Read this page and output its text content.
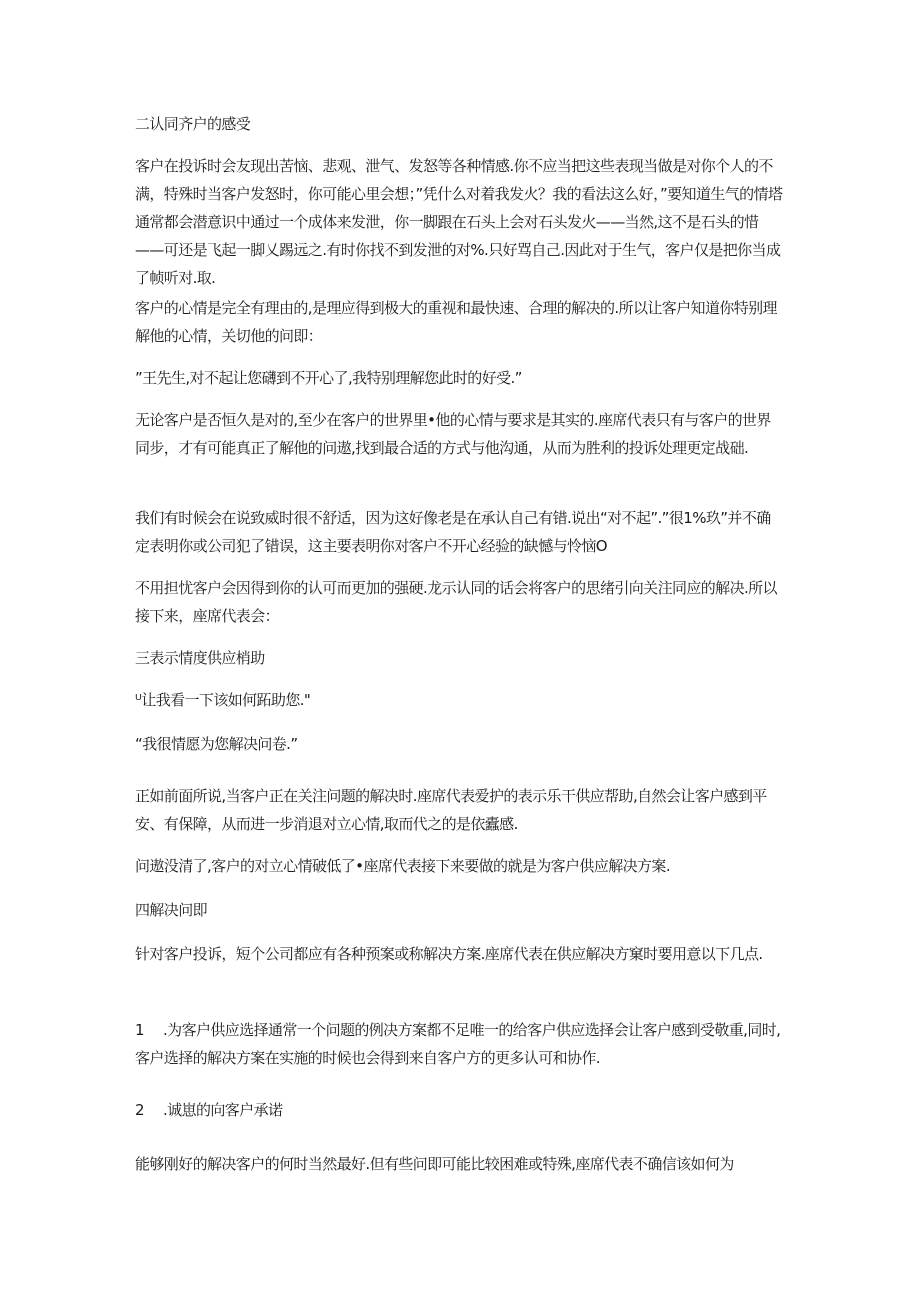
二认同齐户的感受

客户在投诉时会友现出苦恼、悲观、泄气、发怒等各种情感.你不应当把这些表现当做是对你个人的不满，特殊时当客户发怒时，你可能心里会想；”凭什么对着我发火？我的看法这么好，”要知道生气的情塔通常都会潜意识中通过一个成体来发泄，你一脚跟在石头上会对石头发火——当然,这不是石头的惜——可还是飞起一脚乂踢远之.有时你找不到发泄的对%.只好骂自己.因此对于生气，客户仅是把你当成了帧听对.取.

客户的心情是完全有理由的,是理应得到极大的重视和最快速、合理的解决的.所以让客户知道你特别理解他的心情，关切他的问即：

”王先生,对不起让您礴到不开心了,我特别理解您此时的好受.”

无论客户是否恒久是对的,至少在客户的世界里•他的心情与要求是其实的.座席代表只有与客户的世界同步，才有可能真正了解他的问遨,找到最合适的方式与他沟通，从而为胜利的投诉处理更定战础.

我们有时候会在说致威时很不舒适，因为这好像老是在承认自己有错.说出“对不起”.”很1%玖”并不确定表明你或公司犯了错误，这主要表明你对客户不开心经验的缺憾与怜恼O

不用担忧客户会因得到你的认可而更加的强硬.龙示认同的话会将客户的思绪引向关注同应的解决.所以接下来，座席代表会：

三表示情度供应梢助

ᵁ让我看一下该如何跖助您."

“我很情愿为您解决问卷.”

正如前面所说,当客户正在关注问题的解决时.座席代表爱护的表示乐干供应帮助,自然会让客户感到平安、有保障，从而进一步消退对立心情,取而代之的是依蠹感.

问遨没清了,客户的对立心情破低了•座席代表接下来要做的就是为客户供应解决方案.

四解决问即

针对客户投诉，短个公司都应有各种预案或称解决方案.座席代表在供应解决方窠时要用意以下几点.

1 .为客户供应选择通常一个问题的例决方案都不足唯一的给客户供应选择会让客户感到受敬重,同时,客户选择的解决方案在实施的时候也会得到来自客户方的更多认可和协作.

2 .诚崽的向客户承诺

能够刚好的解决客户的何时当然最好.但有些问即可能比较困难或特殊,座席代表不确信该如何为
